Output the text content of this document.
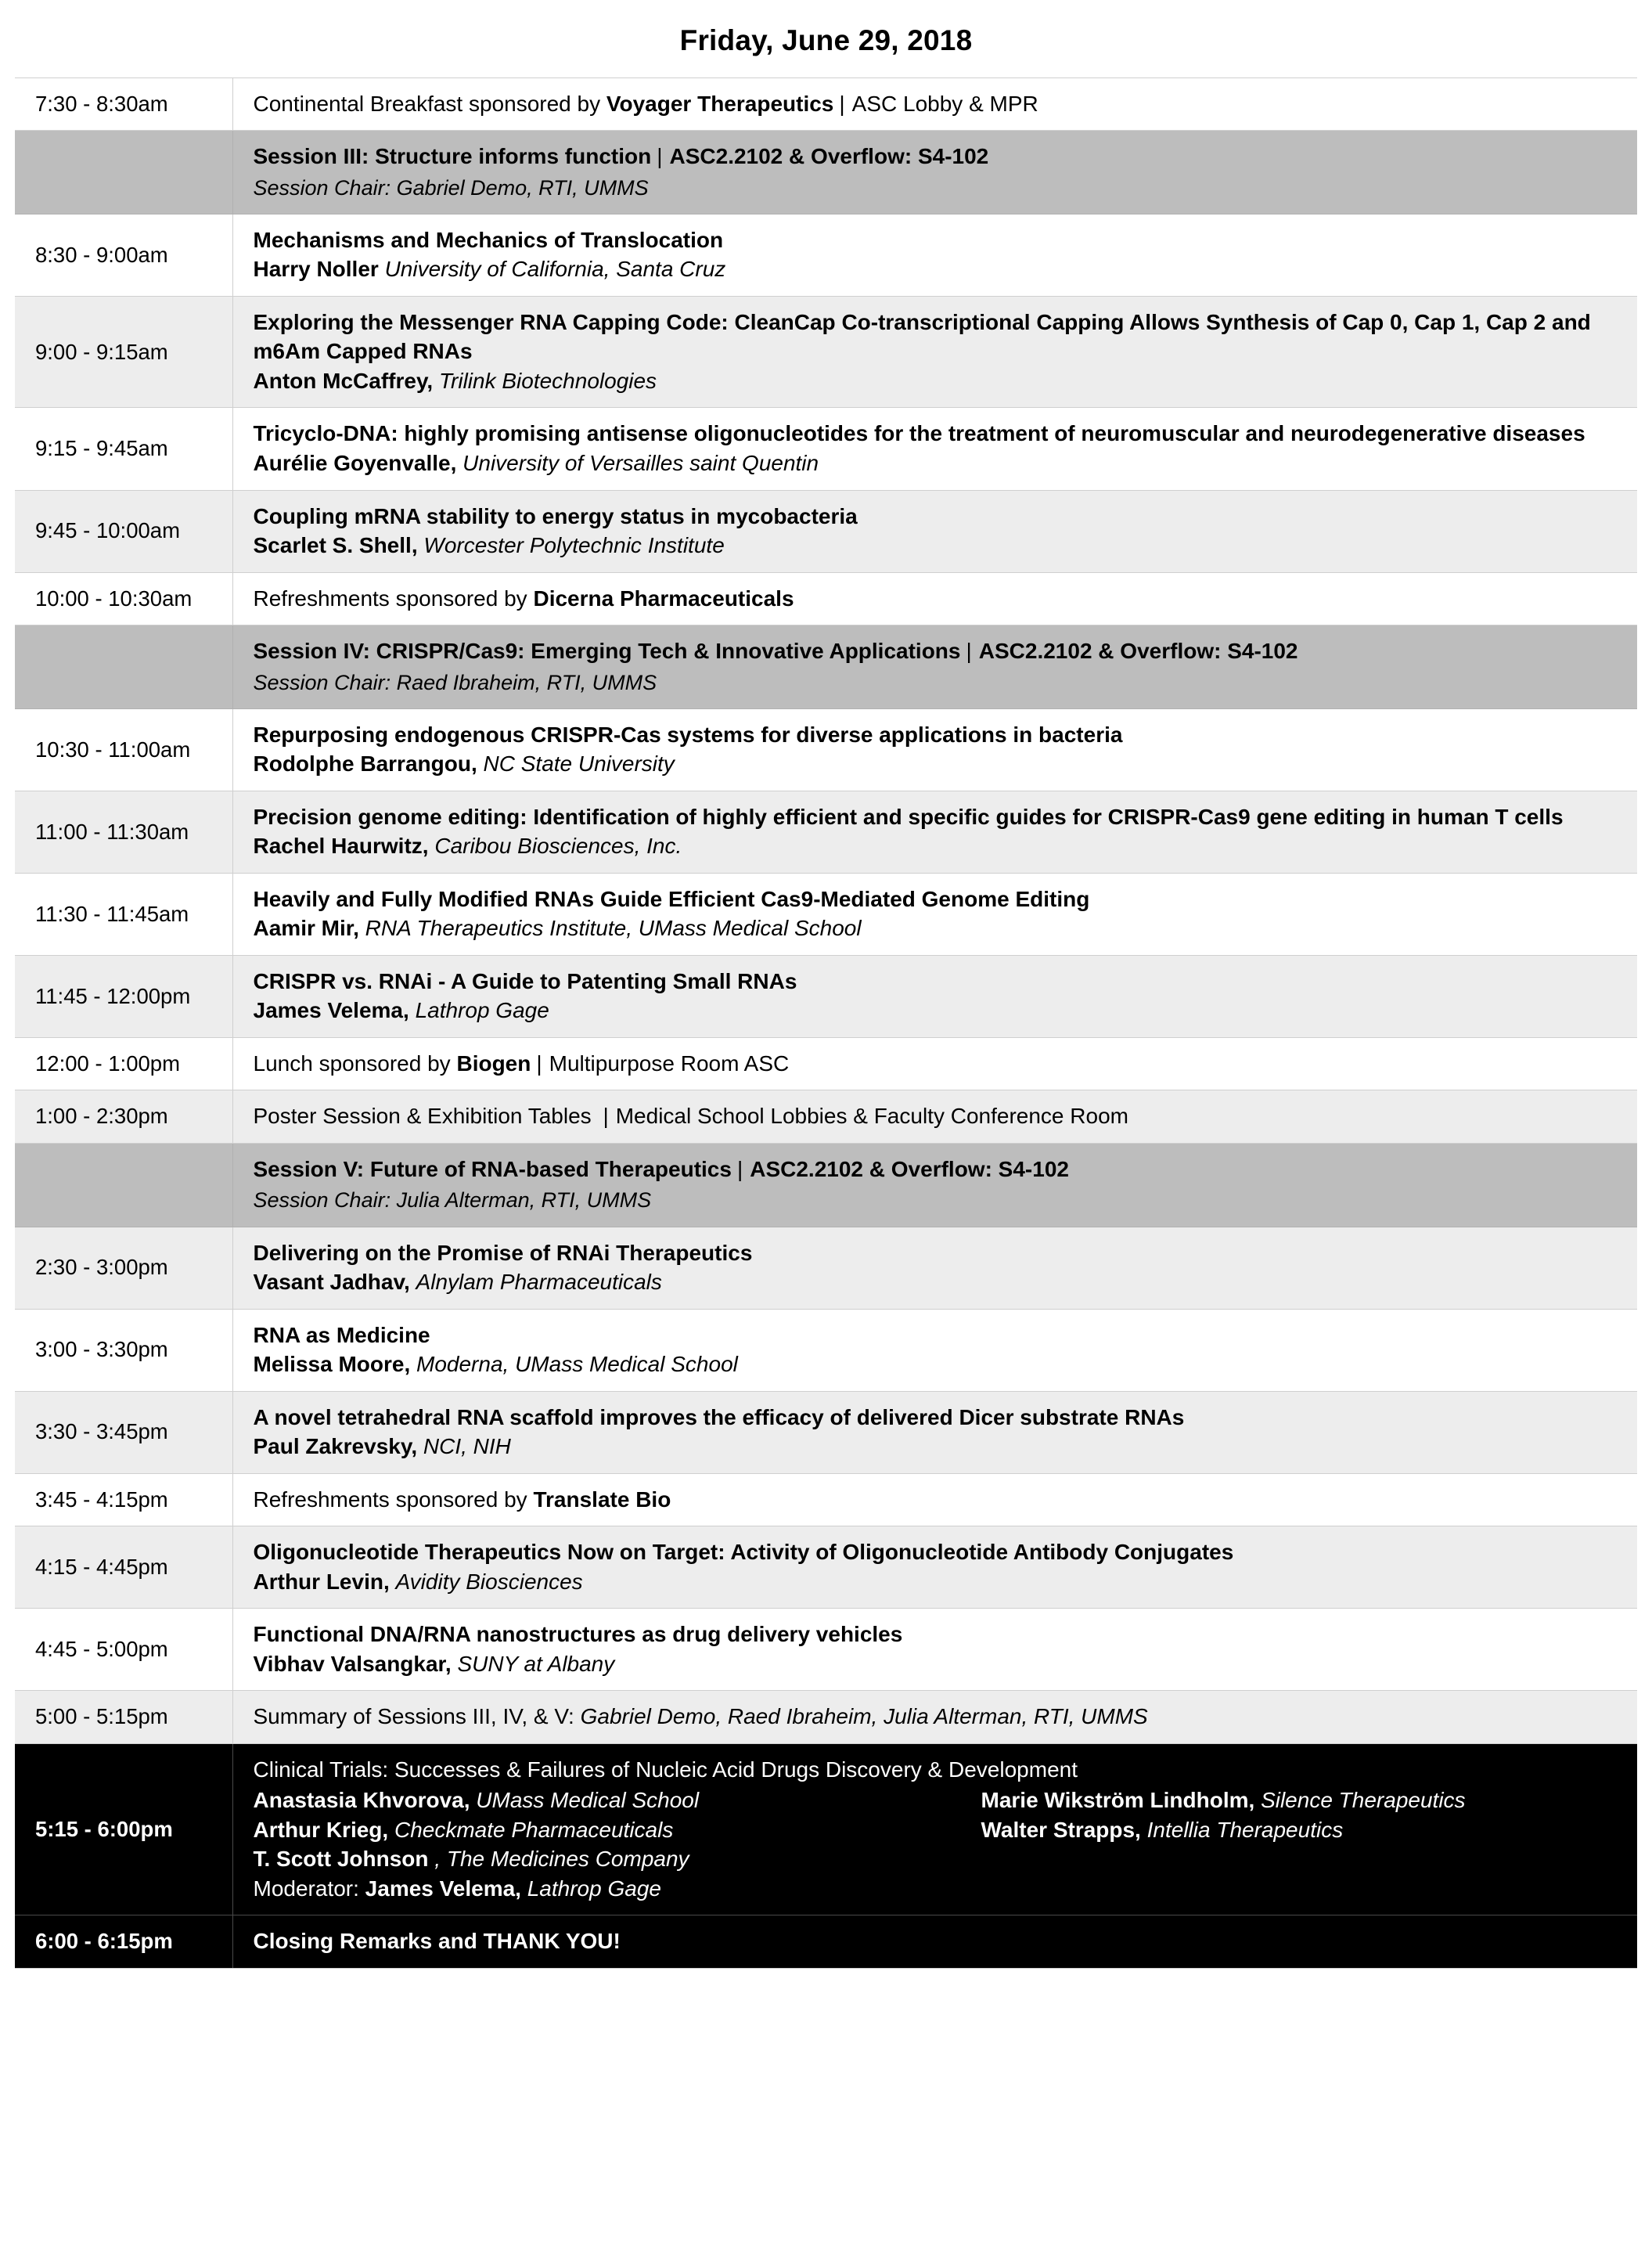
Friday, June 29, 2018
7:30 - 8:30am	Continental Breakfast sponsored by Voyager Therapeutics | ASC Lobby & MPR

	Session III: Structure informs function | ASC2.2102 & Overflow: S4-102
Session Chair: Gabriel Demo, RTI, UMMS

8:30 - 9:00am	Mechanisms and Mechanics of Translocation
Harry Noller University of California, Santa Cruz

9:00 - 9:15am	Exploring the Messenger RNA Capping Code: CleanCap Co-transcriptional Capping Allows Synthesis of Cap 0, Cap 1, Cap 2 and m6Am Capped RNAs
Anton McCaffrey, Trilink Biotechnologies

9:15 - 9:45am	Tricyclo-DNA: highly promising antisense oligonucleotides for the treatment of neuromuscular and neurodegenerative diseases
Aurélie Goyenvalle, University of Versailles saint Quentin

9:45 - 10:00am	Coupling mRNA stability to energy status in mycobacteria
Scarlet S. Shell, Worcester Polytechnic Institute

10:00 - 10:30am	Refreshments sponsored by Dicerna Pharmaceuticals

	Session IV: CRISPR/Cas9: Emerging Tech & Innovative Applications | ASC2.2102 & Overflow: S4-102
Session Chair: Raed Ibraheim, RTI, UMMS

10:30 - 11:00am	Repurposing endogenous CRISPR-Cas systems for diverse applications in bacteria
Rodolphe Barrangou, NC State University

11:00 - 11:30am	Precision genome editing: Identification of highly efficient and specific guides for CRISPR-Cas9 gene editing in human T cells
Rachel Haurwitz, Caribou Biosciences, Inc.

11:30 - 11:45am	Heavily and Fully Modified RNAs Guide Efficient Cas9-Mediated Genome Editing
Aamir Mir, RNA Therapeutics Institute, UMass Medical School

11:45 - 12:00pm	CRISPR vs. RNAi - A Guide to Patenting Small RNAs
James Velema, Lathrop Gage

12:00 - 1:00pm	Lunch sponsored by Biogen | Multipurpose Room ASC
1:00 - 2:30pm	Poster Session & Exhibition Tables | Medical School Lobbies & Faculty Conference Room

	Session V: Future of RNA-based Therapeutics | ASC2.2102 & Overflow: S4-102
Session Chair: Julia Alterman, RTI, UMMS

2:30 - 3:00pm	Delivering on the Promise of RNAi Therapeutics
Vasant Jadhav, Alnylam Pharmaceuticals

3:00 - 3:30pm	RNA as Medicine
Melissa Moore, Moderna, UMass Medical School

3:30 - 3:45pm	A novel tetrahedral RNA scaffold improves the efficacy of delivered Dicer substrate RNAs
Paul Zakrevsky, NCI, NIH

3:45 - 4:15pm	Refreshments sponsored by Translate Bio
4:15 - 4:45pm	Oligonucleotide Therapeutics Now on Target: Activity of Oligonucleotide Antibody Conjugates
Arthur Levin, Avidity Biosciences

4:45 - 5:00pm	Functional DNA/RNA nanostructures as drug delivery vehicles
Vibhav Valsangkar, SUNY at Albany

5:00 - 5:15pm	Summary of Sessions III, IV, & V: Gabriel Demo, Raed Ibraheim, Julia Alterman, RTI, UMMS
5:15 - 6:00pm	
Clinical Trials: Successes & Failures of Nucleic Acid Drugs Discovery & Development
Anastasia Khvorova, UMass Medical School
Arthur Krieg, Checkmate Pharmaceuticals
T. Scott Johnson , The Medicines Company
Marie Wikström Lindholm, Silence Therapeutics
Walter Strapps, Intellia Therapeutics
Moderator: James Velema, Lathrop Gage

6:00 - 6:15pm	Closing Remarks and THANK YOU!
